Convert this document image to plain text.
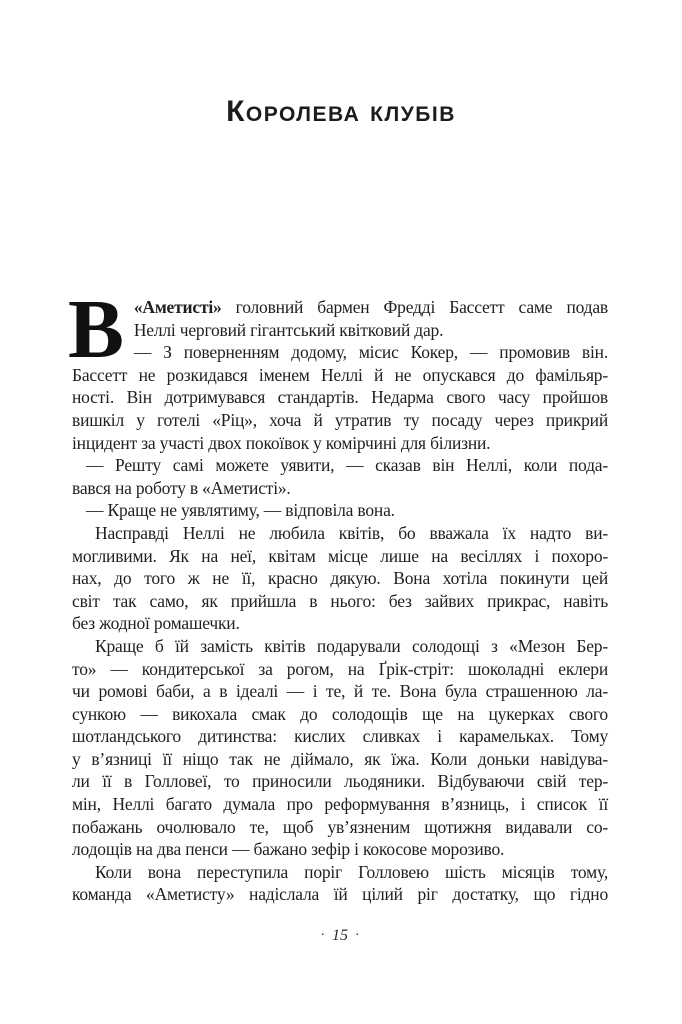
Королева клубів
В «Аметисті» головний бармен Фредді Бассетт саме подав
Неллі черговий гігантський квітковий дар.
— З поверненням додому, місис Кокер, — промовив він.
Бассетт не розкидався іменем Неллі й не опускався до фамільяр-
ності. Він дотримувався стандартів. Недарма свого часу пройшов
вишкіл у готелі «Ріц», хоча й утратив ту посаду через прикрий
інцидент за участі двох покоївок у комірчині для білизни.
— Решту самі можете уявити, — сказав він Неллі, коли пода-
вався на роботу в «Аметисті».
— Краще не уявлятиму, — відповіла вона.
Насправді Неллі не любила квітів, бо вважала їх надто ви-
могливими. Як на неї, квітам місце лише на весіллях і похоро-
нах, до того ж не її, красно дякую. Вона хотіла покинути цей
світ так само, як прийшла в нього: без зайвих прикрас, навіть
без жодної ромашечки.
Краще б їй замість квітів подарували солодощі з «Мезон Бер-
то» — кондитерської за рогом, на Ґрік-стріт: шоколадні еклери
чи ромові баби, а в ідеалі — і те, й те. Вона була страшенною ла-
сункою — викохала смак до солодощів ще на цукерках свого
шотландського дитинства: кислих сливках і карамельках. Тому
у в’язниці її ніщо так не діймало, як їжа. Коли доньки навідува-
ли її в Голловеї, то приносили льодяники. Відбуваючи свій тер-
мін, Неллі багато думала про реформування в’язниць, і список її
побажань очолювало те, щоб ув’язненим щотижня видавали со-
лодощів на два пенси — бажано зефір і кокосове морозиво.
Коли вона переступила поріг Голловею шість місяців тому,
команда «Аметисту» надіслала їй цілий ріг достатку, що гідно
· 15 ·
